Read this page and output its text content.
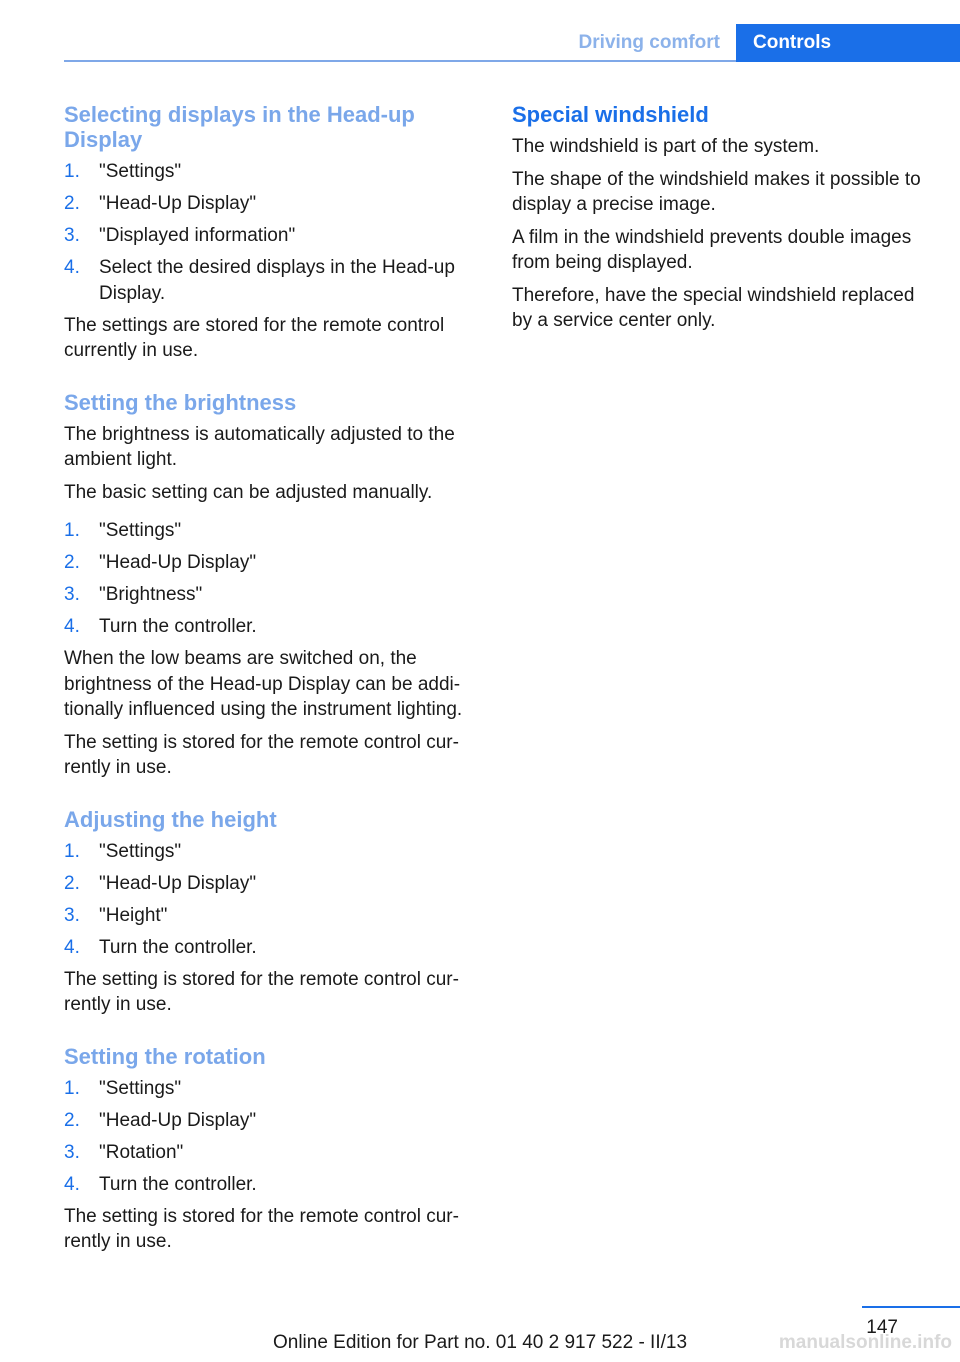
Driving comfort	Controls
Selecting displays in the Head-up Display
1. "Settings"
2. "Head-Up Display"
3. "Displayed information"
4. Select the desired displays in the Head-up Display.

The settings are stored for the remote control currently in use.

Setting the brightness

The brightness is automatically adjusted to the ambient light.

The basic setting can be adjusted manually.

1. "Settings"
2. "Head-Up Display"
3. "Brightness"
4. Turn the controller.

When the low beams are switched on, the brightness of the Head-up Display can be additionally influenced using the instrument lighting.

The setting is stored for the remote control currently in use.

Adjusting the height
1. "Settings"
2. "Head-Up Display"
3. "Height"
4. Turn the controller.

The setting is stored for the remote control currently in use.

Setting the rotation
1. "Settings"
2. "Head-Up Display"
3. "Rotation"
4. Turn the controller.

The setting is stored for the remote control currently in use.

Special windshield

The windshield is part of the system.

The shape of the windshield makes it possible to display a precise image.

A film in the windshield prevents double images from being displayed.

Therefore, have the special windshield replaced by a service center only.

147
Online Edition for Part no. 01 40 2 917 522 - II/13	manualsonline.info
